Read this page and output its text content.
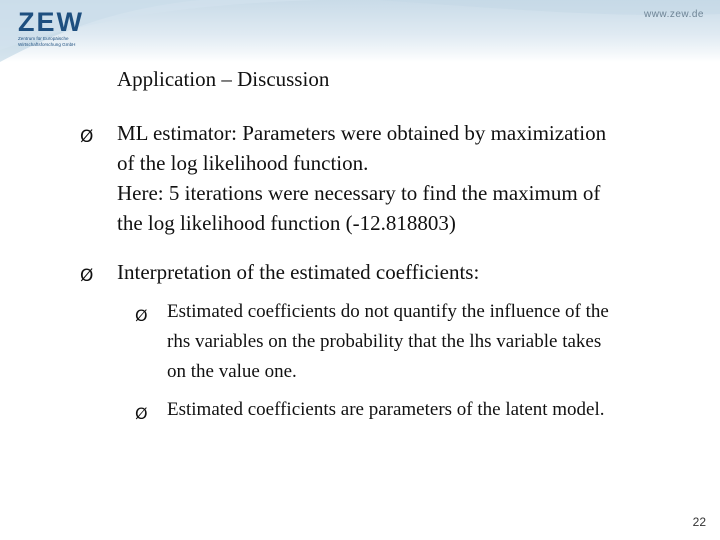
ZEW
Zentrum für Europäische Wirtschaftsforschung GmbH
www.zew.de
Application – Discussion
Ø ML estimator: Parameters were obtained by maximization
of the log likelihood function.
Here: 5 iterations were necessary to find the maximum of
the log likelihood function (-12.818803)
Ø Interpretation of the estimated coefficients:
Ø Estimated coefficients do not quantify the influence of the
rhs variables on the probability that the lhs variable takes
on the value one.
Ø Estimated coefficients are parameters of the latent model.
22
